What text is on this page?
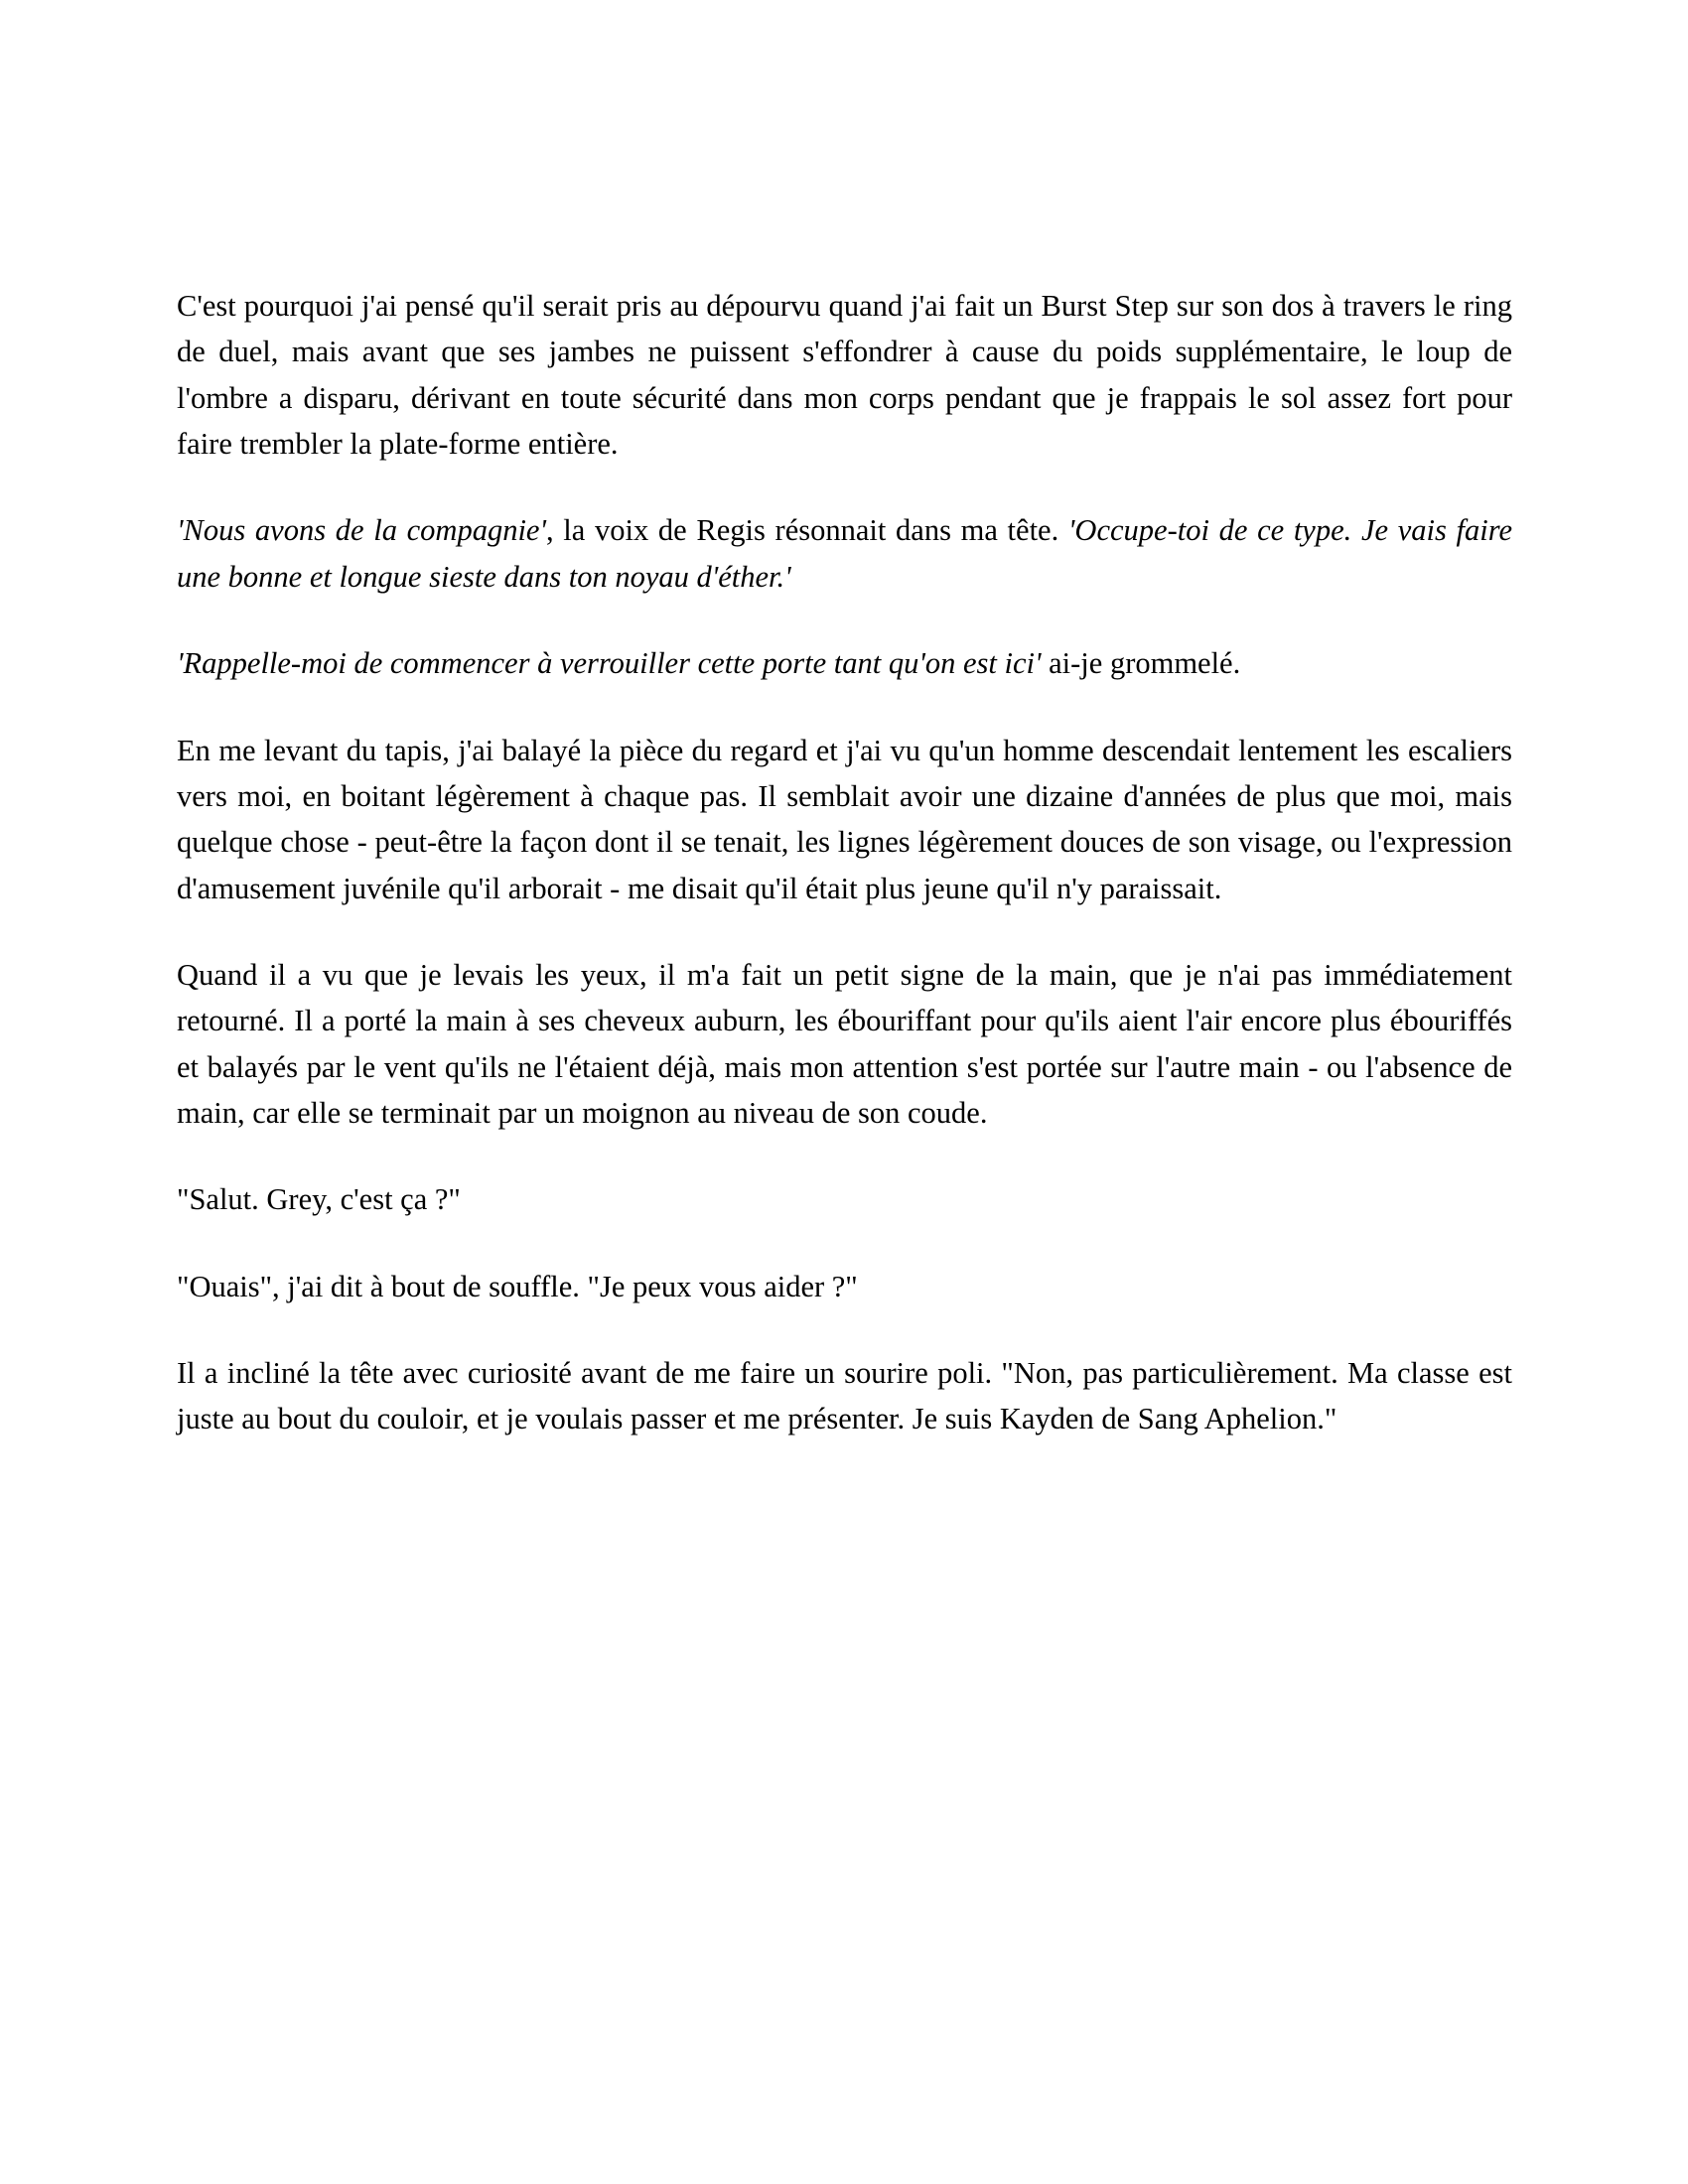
C'est pourquoi j'ai pensé qu'il serait pris au dépourvu quand j'ai fait un Burst Step sur son dos à travers le ring de duel, mais avant que ses jambes ne puissent s'effondrer à cause du poids supplémentaire, le loup de l'ombre a disparu, dérivant en toute sécurité dans mon corps pendant que je frappais le sol assez fort pour faire trembler la plate-forme entière.

'Nous avons de la compagnie', la voix de Regis résonnait dans ma tête. 'Occupe-toi de ce type. Je vais faire une bonne et longue sieste dans ton noyau d'éther.'

'Rappelle-moi de commencer à verrouiller cette porte tant qu'on est ici' ai-je grommelé.

En me levant du tapis, j'ai balayé la pièce du regard et j'ai vu qu'un homme descendait lentement les escaliers vers moi, en boitant légèrement à chaque pas. Il semblait avoir une dizaine d'années de plus que moi, mais quelque chose - peut-être la façon dont il se tenait, les lignes légèrement douces de son visage, ou l'expression d'amusement juvénile qu'il arborait - me disait qu'il était plus jeune qu'il n'y paraissait.

Quand il a vu que je levais les yeux, il m'a fait un petit signe de la main, que je n'ai pas immédiatement retourné. Il a porté la main à ses cheveux auburn, les ébouriffant pour qu'ils aient l'air encore plus ébouriffés et balayés par le vent qu'ils ne l'étaient déjà, mais mon attention s'est portée sur l'autre main - ou l'absence de main, car elle se terminait par un moignon au niveau de son coude.

"Salut. Grey, c'est ça ?"

"Ouais", j'ai dit à bout de souffle. "Je peux vous aider ?"

Il a incliné la tête avec curiosité avant de me faire un sourire poli. "Non, pas particulièrement. Ma classe est juste au bout du couloir, et je voulais passer et me présenter. Je suis Kayden de Sang Aphelion."
